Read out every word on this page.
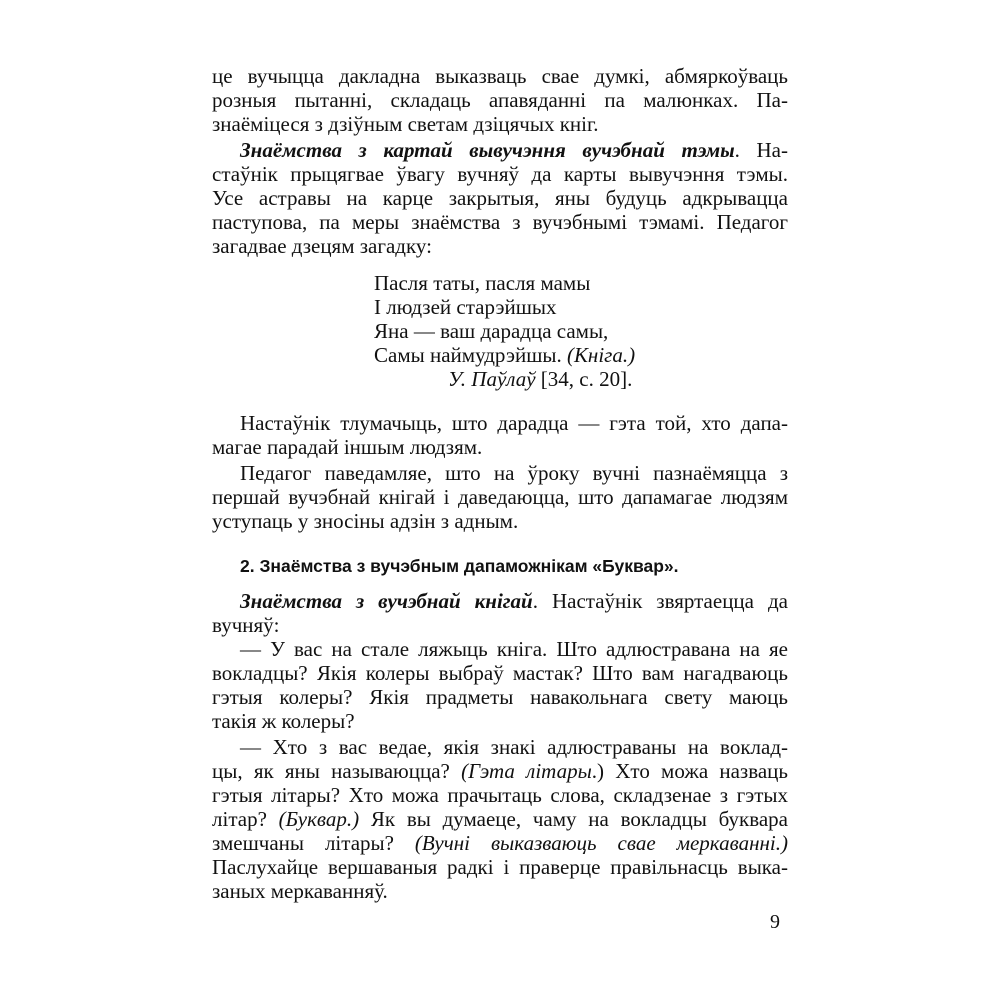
це вучыцца дакладна выказваць свае думкі, абмяркоўваць
розныя пытанні, складаць апавяданні па малюнках. Па-
знаёміцеся з дзіўным светам дзіцячых кніг.
Знаёмства з картай вывучэння вучэбнай тэмы. На-
стаўнік прыцягвае ўвагу вучняў да карты вывучэння тэмы.
Усе астравы на карце закрытыя, яны будуць адкрывацца
паступова, па меры знаёмства з вучэбнымі тэмамі. Педагог
загадвае дзецям загадку:
Пасля таты, пасля мамы
І людзей старэйшых
Яна — ваш дарадца самы,
Самы наймудрэйшы. (Кніга.)
У. Паўлаў [34, с. 20].
Настаўнік тлумачыць, што дарадца — гэта той, хто дапа-
магае парадай іншым людзям.
Педагог паведамляе, што на ўроку вучні пазнаёмяцца з
першай вучэбнай кнігай і даведаюцца, што дапамагае людзям
уступаць у зносіны адзін з адным.
2. Знаёмства з вучэбным дапаможнікам «Буквар».
Знаёмства з вучэбнай кнігай. Настаўнік звяртаецца да
вучняў:
— У вас на стале ляжыць кніга. Што адлюстравана на яе
вокладцы? Якія колеры выбраў мастак? Што вам нагадваюць
гэтыя колеры? Якія прадметы навакольнага свету маюць
такія ж колеры?
— Хто з вас ведае, якія знакі адлюстраваны на воклад-
цы, як яны называюцца? (Гэта літары.) Хто можа назваць
гэтыя літары? Хто можа прачытаць слова, складзенае з гэтых
літар? (Буквар.) Як вы думаеце, чаму на вокладцы буквара
змешчаны літары? (Вучні выказваюць свае меркаванні.)
Паслухайце вершаваныя радкі і праверце правільнасць выка-
заных меркаванняў.
9
